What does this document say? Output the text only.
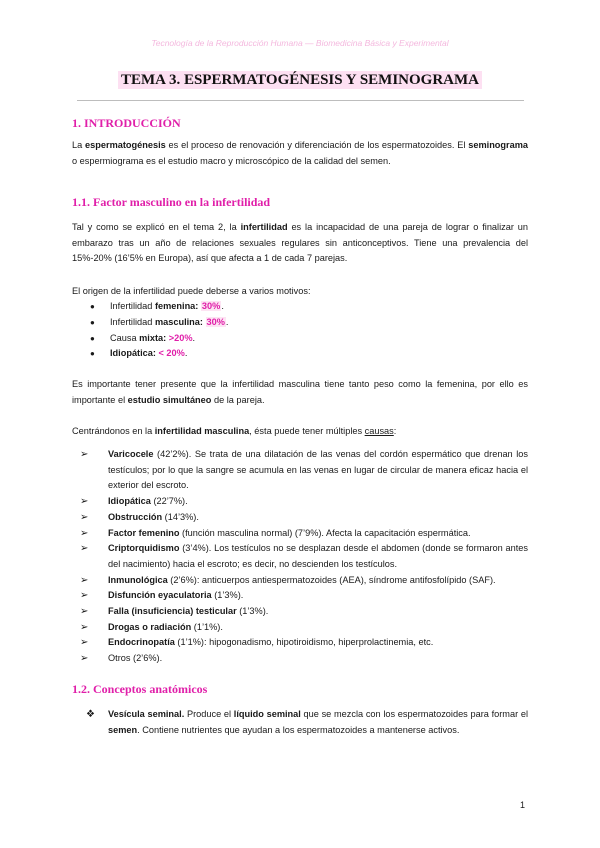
Tecnología de la Reproducción Humana — Biomedicina Básica y Experimental
TEMA 3. ESPERMATOGÉNESIS Y SEMINOGRAMA
1. INTRODUCCIÓN

La espermatogénesis es el proceso de renovación y diferenciación de los espermatozoides. El seminograma o espermiograma es el estudio macro y microscópico de la calidad del semen.

1.1. Factor masculino en la infertilidad

Tal y como se explicó en el tema 2, la infertilidad es la incapacidad de una pareja de lograr o finalizar un embarazo tras un año de relaciones sexuales regulares sin anticonceptivos. Tiene una prevalencia del 15%-20% (16’5% en Europa), así que afecta a 1 de cada 7 parejas.

El origen de la infertilidad puede deberse a varios motivos:

● Infertilidad femenina: 30%.
● Infertilidad masculina: 30%.
● Causa mixta: >20%.
● Idiopática: < 20%.

Es importante tener presente que la infertilidad masculina tiene tanto peso como la femenina, por ello es importante el estudio simultáneo de la pareja.

Centrándonos en la infertilidad masculina, ésta puede tener múltiples causas:

➢ Varicocele (42’2%). Se trata de una dilatación de las venas del cordón espermático que drenan los testículos; por lo que la sangre se acumula en las venas en lugar de circular de manera eficaz hacia el exterior del escroto.
➢ Idiopática (22’7%).
➢ Obstrucción (14’3%).
➢ Factor femenino (función masculina normal) (7’9%). Afecta la capacitación espermática.
➢ Criptorquidismo (3’4%). Los testículos no se desplazan desde el abdomen (donde se formaron antes del nacimiento) hacia el escroto; es decir, no descienden los testículos.
➢ Inmunológica (2’6%): anticuerpos antiespermatozoides (AEA), síndrome antifosfolípido (SAF).
➢ Disfunción eyaculatoria (1’3%).
➢ Falla (insuficiencia) testicular (1’3%).
➢ Drogas o radiación (1’1%).
➢ Endocrinopatía (1’1%): hipogonadismo, hipotiroidismo, hiperprolactinemia, etc.
➢ Otros (2’6%).
1.2. Conceptos anatómicos

❖ Vesícula seminal. Produce el líquido seminal que se mezcla con los espermatozoides para formar el semen. Contiene nutrientes que ayudan a los espermatozoides a mantenerse activos.

1
